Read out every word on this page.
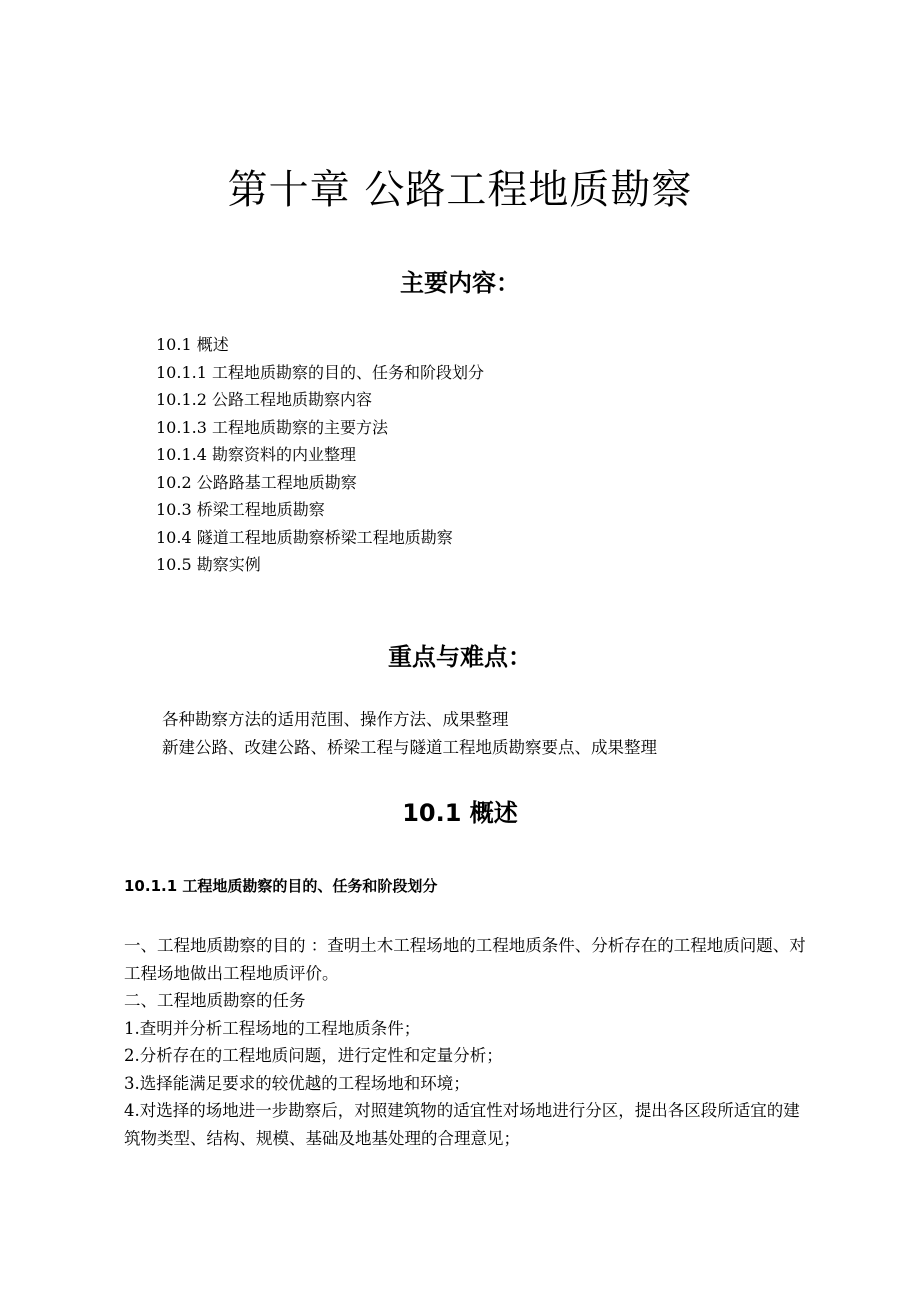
第十章 公路工程地质勘察
主要内容：
10.1 概述
10.1.1 工程地质勘察的目的、任务和阶段划分
10.1.2 公路工程地质勘察内容
10.1.3 工程地质勘察的主要方法
10.1.4 勘察资料的内业整理
10.2 公路路基工程地质勘察
10.3 桥梁工程地质勘察
10.4 隧道工程地质勘察桥梁工程地质勘察
10.5 勘察实例
重点与难点：
各种勘察方法的适用范围、操作方法、成果整理
新建公路、改建公路、桥梁工程与隧道工程地质勘察要点、成果整理
10.1 概述
10.1.1 工程地质勘察的目的、任务和阶段划分

一、工程地质勘察的目的 ：查明土木工程场地的工程地质条件、分析存在的工程地质问题、对工程场地做出工程地质评价。

二、工程地质勘察的任务

1.查明并分析工程场地的工程地质条件；

2.分析存在的工程地质问题，进行定性和定量分析；

3.选择能满足要求的较优越的工程场地和环境；

4.对选择的场地进一步勘察后，对照建筑物的适宜性对场地进行分区，提出各区段所适宜的建筑物类型、结构、规模、基础及地基处理的合理意见；
